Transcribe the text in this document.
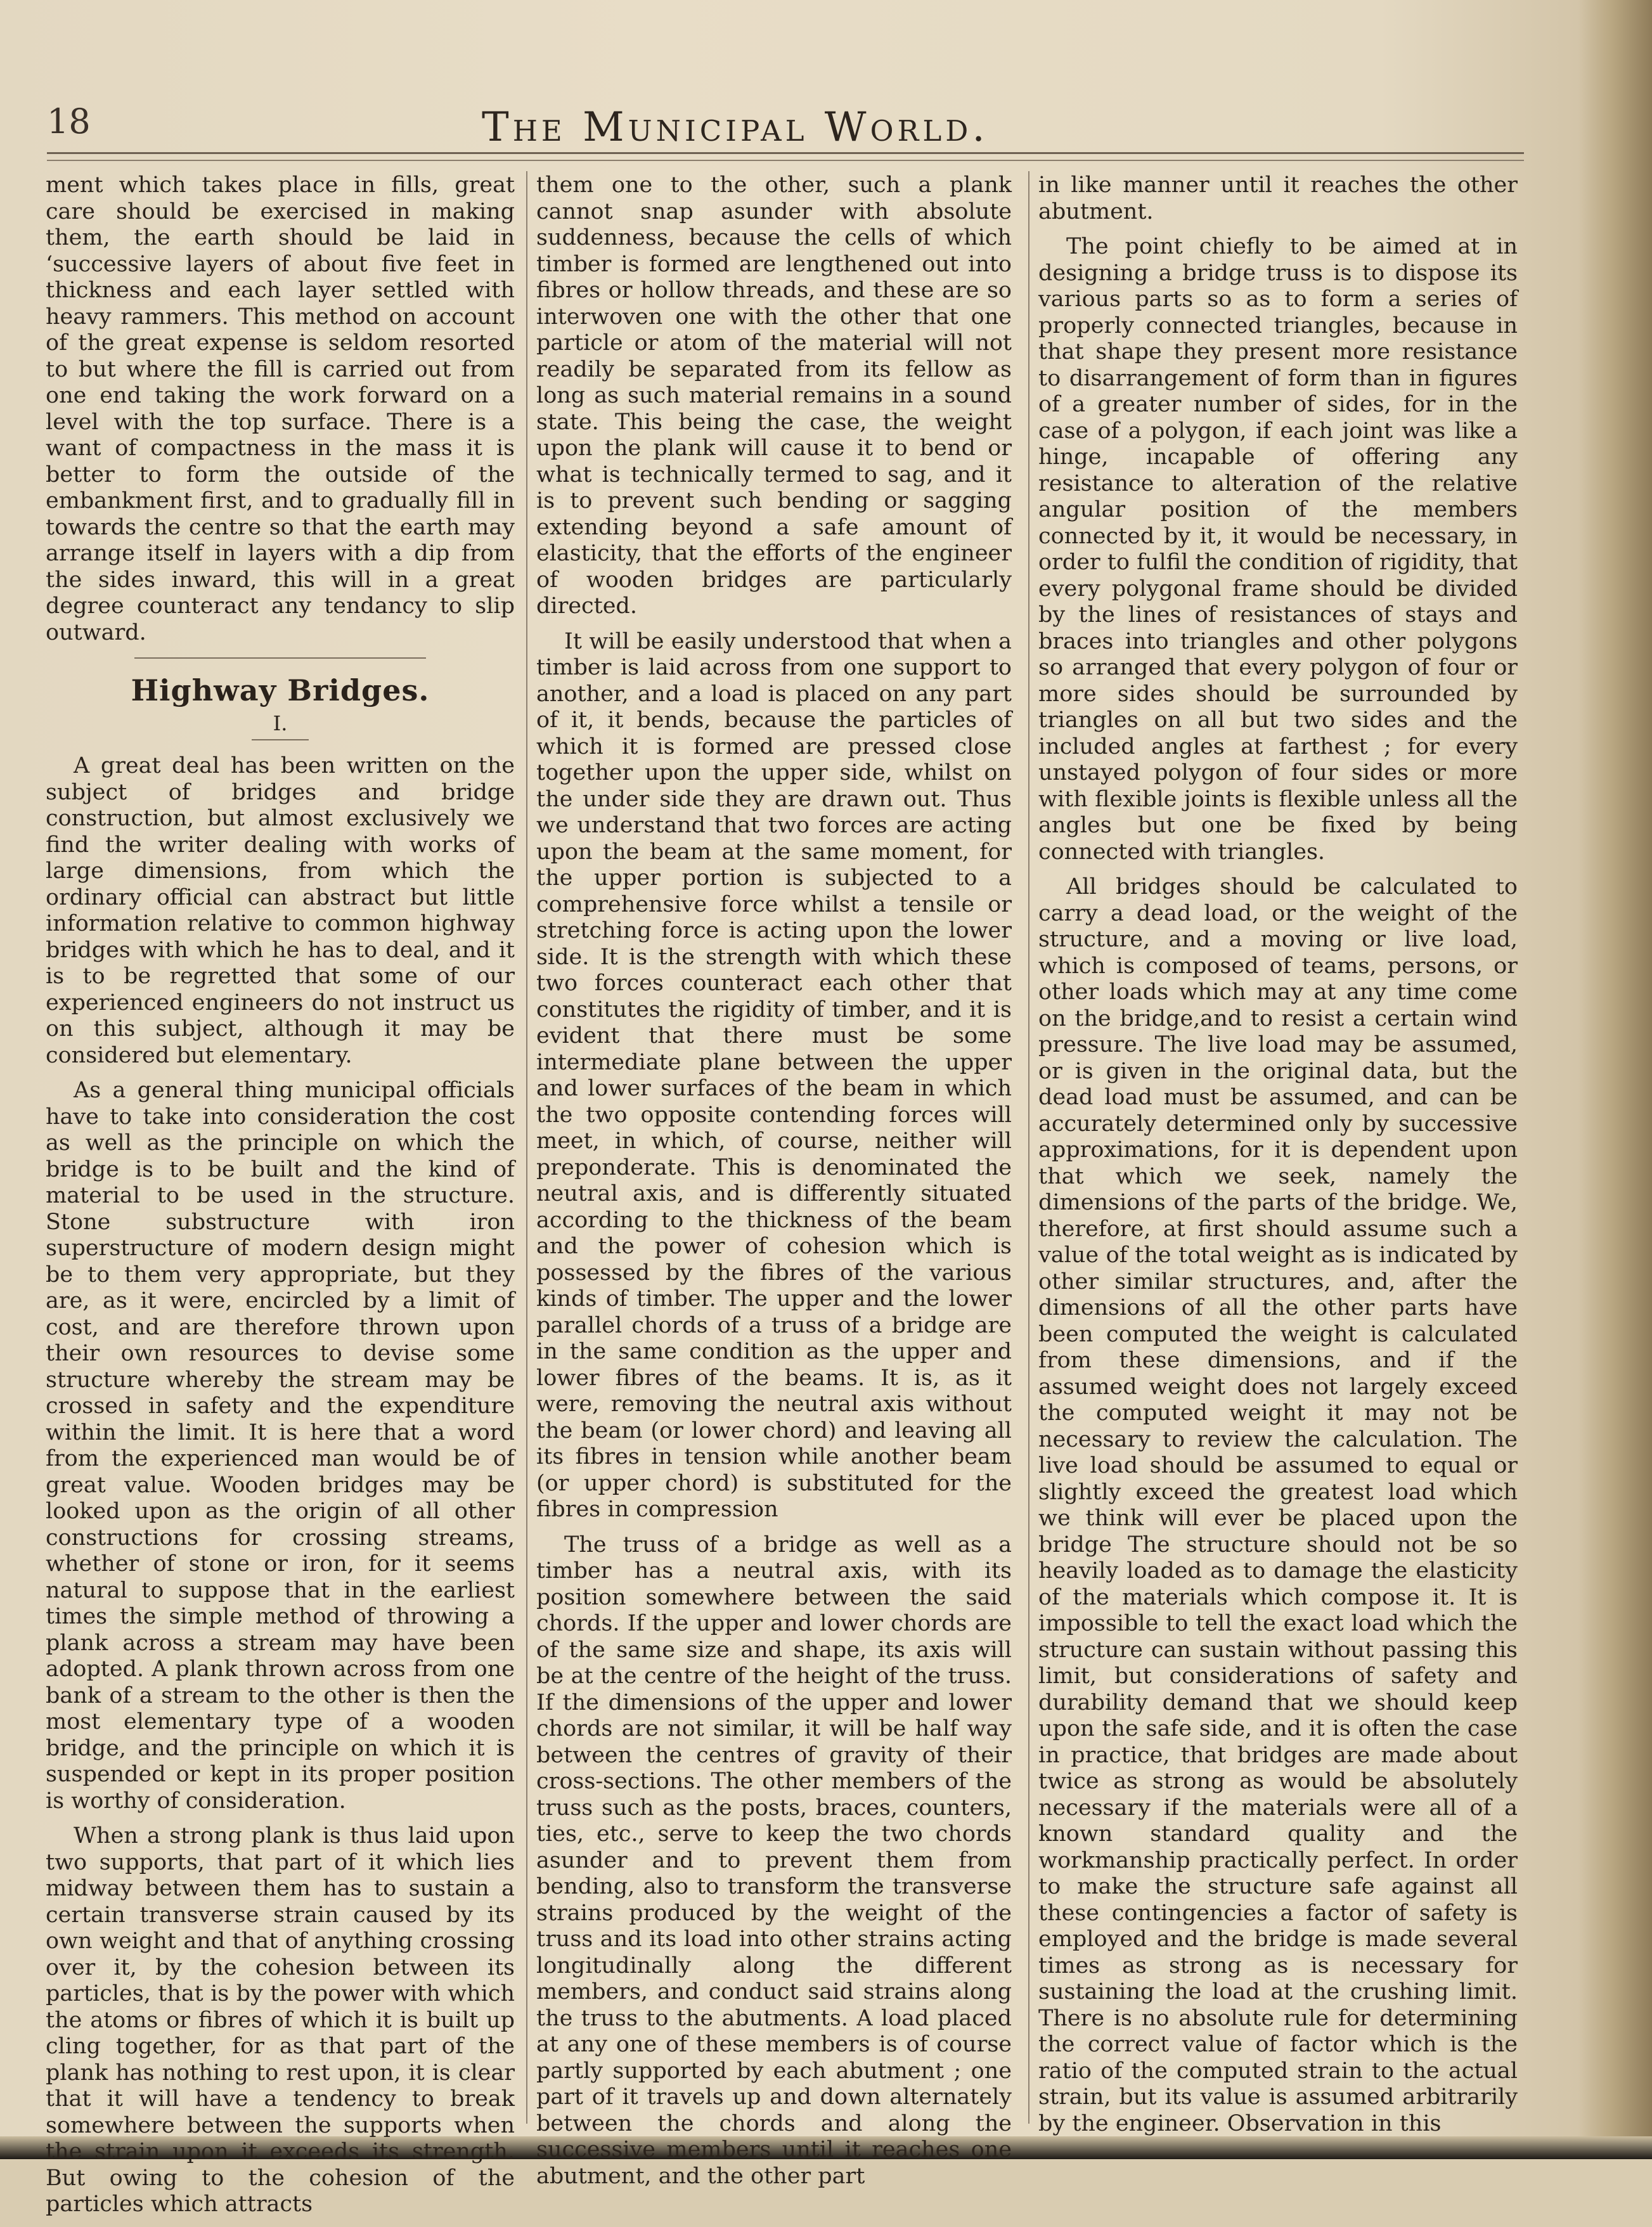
18	The Municipal World.

ment which takes place in fills, great care should be exercised in making them, the earth should be laid in ‘successive layers of about five feet in thickness and each layer settled with heavy rammers. This method on account of the great expense is seldom resorted to but where the fill is carried out from one end taking the work forward on a level with the top surface. There is a want of compactness in the mass it is better to form the outside of the embankment first, and to gradually fill in towards the centre so that the earth may arrange itself in layers with a dip from the sides inward, this will in a great degree counteract any tendancy to slip outward.

Highway Bridges.
I.

A great deal has been written on the subject of bridges and bridge construction, but almost exclusively we find the writer dealing with works of large dimensions, from which the ordinary official can abstract but little information relative to common highway bridges with which he has to deal, and it is to be regretted that some of our experienced engineers do not instruct us on this subject, although it may be considered but elementary.

As a general thing municipal officials have to take into consideration the cost as well as the principle on which the bridge is to be built and the kind of material to be used in the structure. Stone substructure with iron superstructure of modern design might be to them very appropriate, but they are, as it were, encircled by a limit of cost, and are therefore thrown upon their own resources to devise some structure whereby the stream may be crossed in safety and the expenditure within the limit. It is here that a word from the experienced man would be of great value. Wooden bridges may be looked upon as the origin of all other constructions for crossing streams, whether of stone or iron, for it seems natural to suppose that in the earliest times the simple method of throwing a plank across a stream may have been adopted. A plank thrown across from one bank of a stream to the other is then the most elementary type of a wooden bridge, and the principle on which it is suspended or kept in its proper position is worthy of consideration.

When a strong plank is thus laid upon two supports, that part of it which lies midway between them has to sustain a certain transverse strain caused by its own weight and that of anything crossing over it, by the cohesion between its particles, that is by the power with which the atoms or fibres of which it is built up cling together, for as that part of the plank has nothing to rest upon, it is clear that it will have a tendency to break somewhere between the supports when the strain upon it exceeds its strength. But owing to the cohesion of the particles which attracts

them one to the other, such a plank cannot snap asunder with absolute suddenness, because the cells of which timber is formed are lengthened out into fibres or hollow threads, and these are so interwoven one with the other that one particle or atom of the material will not readily be separated from its fellow as long as such material remains in a sound state. This being the case, the weight upon the plank will cause it to bend or what is technically termed to sag, and it is to prevent such bending or sagging extending beyond a safe amount of elasticity, that the efforts of the engineer of wooden bridges are particularly directed.

It will be easily understood that when a timber is laid across from one support to another, and a load is placed on any part of it, it bends, because the particles of which it is formed are pressed close together upon the upper side, whilst on the under side they are drawn out. Thus we understand that two forces are acting upon the beam at the same moment, for the upper portion is subjected to a comprehensive force whilst a tensile or stretching force is acting upon the lower side. It is the strength with which these two forces counteract each other that constitutes the rigidity of timber, and it is evident that there must be some intermediate plane between the upper and lower surfaces of the beam in which the two opposite contending forces will meet, in which, of course, neither will preponderate. This is denominated the neutral axis, and is differently situated according to the thickness of the beam and the power of cohesion which is possessed by the fibres of the various kinds of timber. The upper and the lower parallel chords of a truss of a bridge are in the same condition as the upper and lower fibres of the beams. It is, as it were, removing the neutral axis without the beam (or lower chord) and leaving all its fibres in tension while another beam (or upper chord) is substituted for the fibres in compression

The truss of a bridge as well as a timber has a neutral axis, with its position somewhere between the said chords. If the upper and lower chords are of the same size and shape, its axis will be at the centre of the height of the truss. If the dimensions of the upper and lower chords are not similar, it will be half way between the centres of gravity of their cross-sections. The other members of the truss such as the posts, braces, counters, ties, etc., serve to keep the two chords asunder and to prevent them from bending, also to transform the transverse strains produced by the weight of the truss and its load into other strains acting longitudinally along the different members, and conduct said strains along the truss to the abutments. A load placed at any one of these members is of course partly supported by each abutment ; one part of it travels up and down alternately between the chords and along the successive members until it reaches one abutment, and the other part

in like manner until it reaches the other abutment.

The point chiefly to be aimed at in designing a bridge truss is to dispose its various parts so as to form a series of properly connected triangles, because in that shape they present more resistance to disarrangement of form than in figures of a greater number of sides, for in the case of a polygon, if each joint was like a hinge, incapable of offering any resistance to alteration of the relative angular position of the members connected by it, it would be necessary, in order to fulfil the condition of rigidity, that every polygonal frame should be divided by the lines of resistances of stays and braces into triangles and other polygons so arranged that every polygon of four or more sides should be surrounded by triangles on all but two sides and the included angles at farthest ; for every unstayed polygon of four sides or more with flexible joints is flexible unless all the angles but one be fixed by being connected with triangles.

All bridges should be calculated to carry a dead load, or the weight of the structure, and a moving or live load, which is composed of teams, persons, or other loads which may at any time come on the bridge,and to resist a certain wind pressure. The live load may be assumed, or is given in the original data, but the dead load must be assumed, and can be accurately determined only by successive approximations, for it is dependent upon that which we seek, namely the dimensions of the parts of the bridge. We, therefore, at first should assume such a value of the total weight as is indicated by other similar structures, and, after the dimensions of all the other parts have been computed the weight is calculated from these dimensions, and if the assumed weight does not largely exceed the computed weight it may not be necessary to review the calculation. The live load should be assumed to equal or slightly exceed the greatest load which we think will ever be placed upon the bridge The structure should not be so heavily loaded as to damage the elasticity of the materials which compose it. It is impossible to tell the exact load which the structure can sustain without passing this limit, but considerations of safety and durability demand that we should keep upon the safe side, and it is often the case in practice, that bridges are made about twice as strong as would be absolutely necessary if the materials were all of a known standard quality and the workmanship practically perfect. In order to make the structure safe against all these contingencies a factor of safety is employed and the bridge is made several times as strong as is necessary for sustaining the load at the crushing limit. There is no absolute rule for determining the correct value of factor which is the ratio of the computed strain to the actual strain, but its value is assumed arbitrarily by the engineer. Observation in this
